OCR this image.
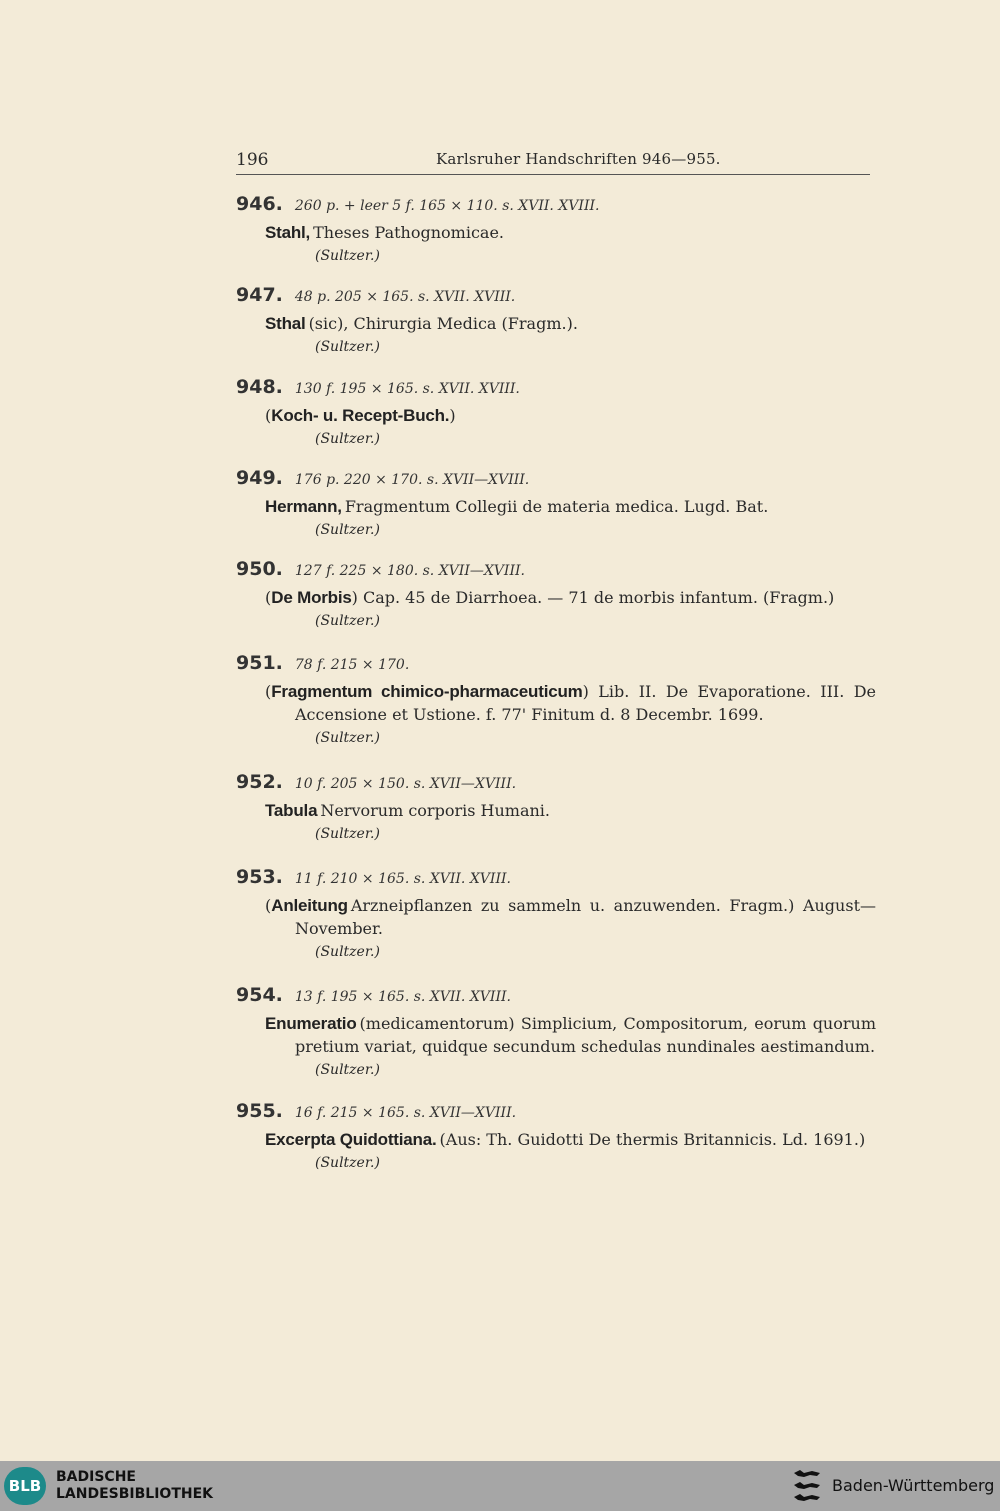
196	Karlsruher Handschriften 946—955.
946. 260 p. + leer 5 f. 165 × 110. s. XVII. XVIII.
Stahl, Theses Pathognomicae.
(Sultzer.)
947. 48 p. 205 × 165. s. XVII. XVIII.
Sthal (sic), Chirurgia Medica (Fragm.).
(Sultzer.)
948. 130 f. 195 × 165. s. XVII. XVIII.
(Koch- u. Recept-Buch.)
(Sultzer.)
949. 176 p. 220 × 170. s. XVII—XVIII.
Hermann, Fragmentum Collegii de materia medica. Lugd. Bat.
(Sultzer.)
950. 127 f. 225 × 180. s. XVII—XVIII.
(De Morbis) Cap. 45 de Diarrhoea. — 71 de morbis infantum. (Fragm.)
(Sultzer.)
951. 78 f. 215 × 170.
(Fragmentum chimico-pharmaceuticum) Lib. II. De Evaporatione. III. De Accensione et Ustione. f. 77' Finitum d. 8 Decembr. 1699.
(Sultzer.)
952. 10 f. 205 × 150. s. XVII—XVIII.
Tabula Nervorum corporis Humani.
(Sultzer.)
953. 11 f. 210 × 165. s. XVII. XVIII.
(Anleitung Arzneipflanzen zu sammeln u. anzuwenden. Fragm.) August—November.
(Sultzer.)
954. 13 f. 195 × 165. s. XVII. XVIII.
Enumeratio (medicamentorum) Simplicium, Compositorum, eorum quorum pretium variat, quidque secundum schedulas nundinales aestimandum.
(Sultzer.)
955. 16 f. 215 × 165. s. XVII—XVIII.
Excerpta Quidottiana. (Aus: Th. Guidotti De thermis Britannicis. Ld. 1691.)
(Sultzer.)
BLB	BADISCHE
LANDESBIBLIOTHEK	Baden-Württemberg
